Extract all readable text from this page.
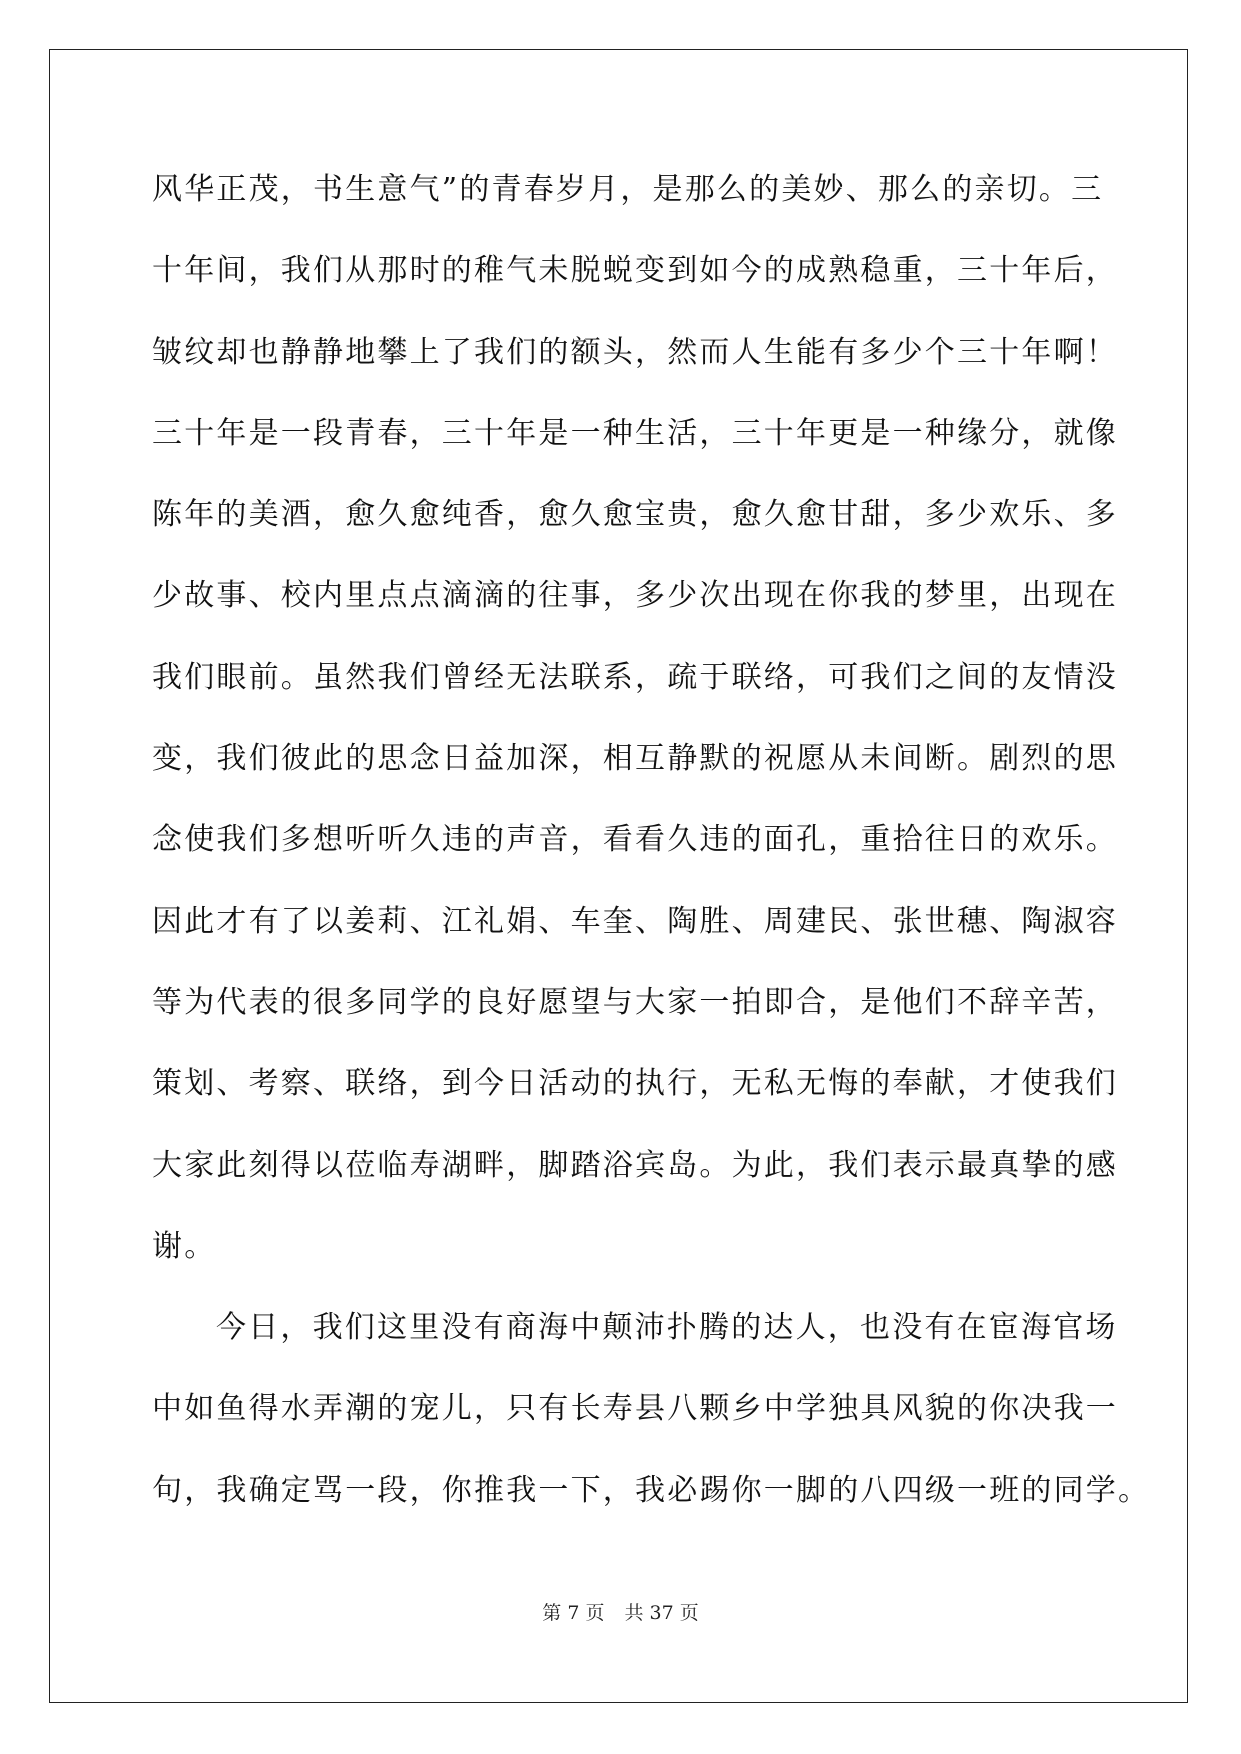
风华正茂，书生意气”的青春岁月，是那么的美妙、那么的亲切。三
十年间，我们从那时的稚气未脱蜕变到如今的成熟稳重，三十年后，
皱纹却也静静地攀上了我们的额头，然而人生能有多少个三十年啊！
三十年是一段青春，三十年是一种生活，三十年更是一种缘分，就像
陈年的美酒，愈久愈纯香，愈久愈宝贵，愈久愈甘甜，多少欢乐、多
少故事、校内里点点滴滴的往事，多少次出现在你我的梦里，出现在
我们眼前。虽然我们曾经无法联系，疏于联络，可我们之间的友情没
变，我们彼此的思念日益加深，相互静默的祝愿从未间断。剧烈的思
念使我们多想听听久违的声音，看看久违的面孔，重拾往日的欢乐。
因此才有了以姜莉、江礼娟、车奎、陶胜、周建民、张世穗、陶淑容
等为代表的很多同学的良好愿望与大家一拍即合，是他们不辞辛苦，
策划、考察、联络，到今日活动的执行，无私无悔的奉献，才使我们
大家此刻得以莅临寿湖畔，脚踏浴宾岛。为此，我们表示最真挚的感
谢。
今日，我们这里没有商海中颠沛扑腾的达人，也没有在宦海官场
中如鱼得水弄潮的宠儿，只有长寿县八颗乡中学独具风貌的你决我一
句，我确定骂一段，你推我一下，我必踢你一脚的八四级一班的同学。
第 7 页 共 37 页
